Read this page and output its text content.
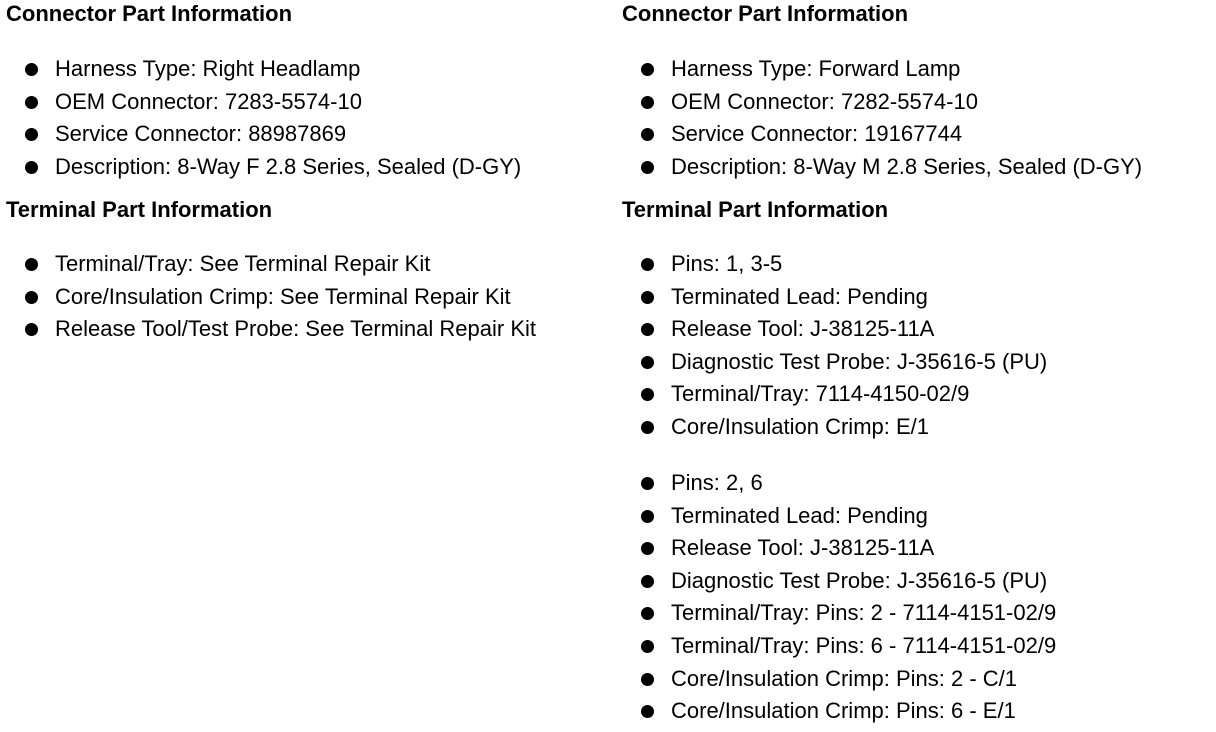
Connector Part Information
Harness Type: Right Headlamp
OEM Connector: 7283-5574-10
Service Connector: 88987869
Description: 8-Way F 2.8 Series, Sealed (D-GY)
Terminal Part Information
Terminal/Tray: See Terminal Repair Kit
Core/Insulation Crimp: See Terminal Repair Kit
Release Tool/Test Probe: See Terminal Repair Kit
Connector Part Information
Harness Type: Forward Lamp
OEM Connector: 7282-5574-10
Service Connector: 19167744
Description: 8-Way M 2.8 Series, Sealed (D-GY)
Terminal Part Information
Pins: 1, 3-5
Terminated Lead: Pending
Release Tool: J-38125-11A
Diagnostic Test Probe: J-35616-5 (PU)
Terminal/Tray: 7114-4150-02/9
Core/Insulation Crimp: E/1
Pins: 2, 6
Terminated Lead: Pending
Release Tool: J-38125-11A
Diagnostic Test Probe: J-35616-5 (PU)
Terminal/Tray: Pins: 2 - 7114-4151-02/9
Terminal/Tray: Pins: 6 - 7114-4151-02/9
Core/Insulation Crimp: Pins: 2 - C/1
Core/Insulation Crimp: Pins: 6 - E/1
